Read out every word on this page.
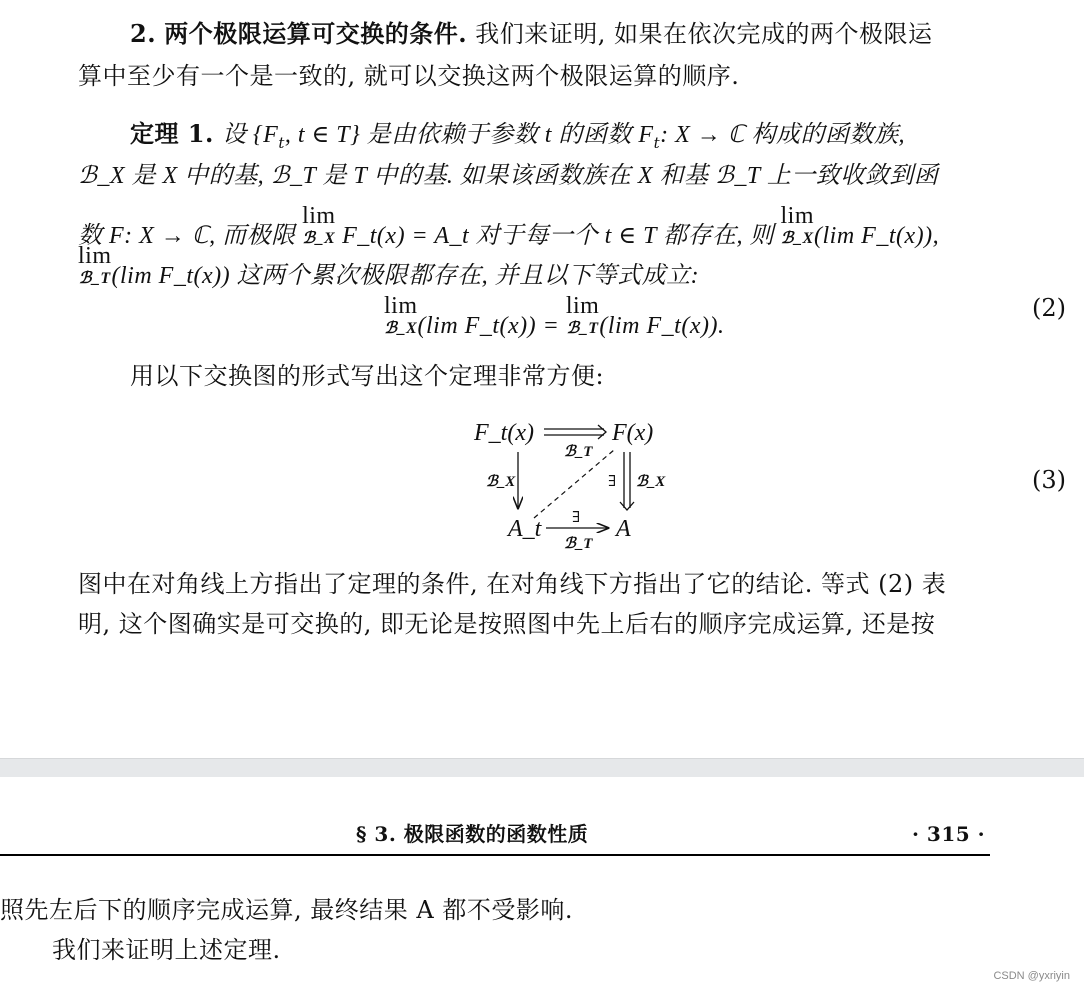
2. 两个极限运算可交换的条件. 我们来证明, 如果在依次完成的两个极限运
算中至少有一个是一致的, 就可以交换这两个极限运算的顺序.
定理 1. 设 {$F_t$, t ∈ T} 是由依赖于参数 t 的函数 $F_t$: X → ℂ 构成的函数族,
ℬ_X 是 X 中的基, ℬ_T 是 T 中的基. 如果该函数族在 X 和基 ℬ_T 上一致收敛到函
数 F: X → ℂ, 而极限
lim
ℬ_X F_t(x) = A_t 对于每一个 t ∈ T 都存在, 则
lim
ℬ_X (lim F_t(x)),
lim
ℬ_T (lim F_t(x)) 这两个累次极限都存在, 并且以下等式成立:
lim
ℬ_X (lim F_t(x)) =
lim
ℬ_T (lim F_t(x)).
(2)
用以下交换图的形式写出这个定理非常方便:
F_t(x)	F(x)
A_t	A
ℬ_T
ℬ_X	∃ ℬ_X
∃
ℬ_T
(3)
图中在对角线上方指出了定理的条件, 在对角线下方指出了它的结论. 等式 (2) 表
明, 这个图确实是可交换的, 即无论是按照图中先上后右的顺序完成运算, 还是按
§ 3. 极限函数的函数性质	· 315 ·
照先左后下的顺序完成运算, 最终结果 A 都不受影响.
我们来证明上述定理.
CSDN @yxriyin
